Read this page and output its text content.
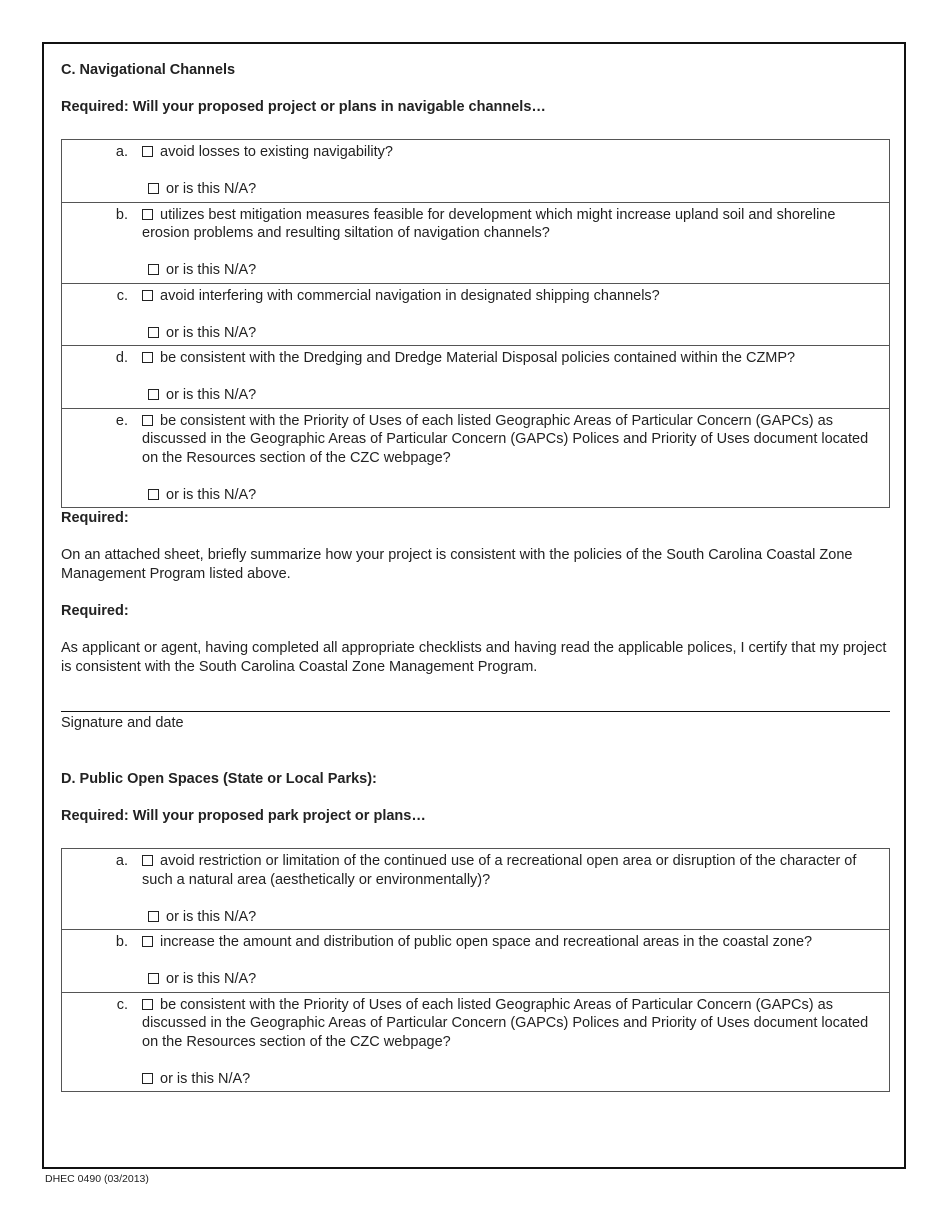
C. Navigational Channels
Required: Will your proposed project or plans in navigable channels…
a.	avoid losses to existing navigability?
or is this N/A?
b.	utilizes best mitigation measures feasible for development which might increase upland soil and shoreline erosion problems and resulting siltation of navigation channels?
or is this N/A?
c.	avoid interfering with commercial navigation in designated shipping channels?
or is this N/A?
d.	be consistent with the Dredging and Dredge Material Disposal policies contained within the CZMP?
or is this N/A?
e.	be consistent with the Priority of Uses of each listed Geographic Areas of Particular Concern (GAPCs) as discussed in the Geographic Areas of Particular Concern (GAPCs) Polices and Priority of Uses document located on the Resources section of the CZC webpage?
or is this N/A?
Required:
On an attached sheet, briefly summarize how your project is consistent with the policies of the South Carolina Coastal Zone Management Program listed above.
Required:
As applicant or agent, having completed all appropriate checklists and having read the applicable polices, I certify that my project is consistent with the South Carolina Coastal Zone Management Program.
Signature and date
D. Public Open Spaces (State or Local Parks):
Required: Will your proposed park project or plans…
a.	avoid restriction or limitation of the continued use of a recreational open area or disruption of the character of such a natural area (aesthetically or environmentally)?
or is this N/A?
b.	increase the amount and distribution of public open space and recreational areas in the coastal zone?
or is this N/A?
c.	be consistent with the Priority of Uses of each listed Geographic Areas of Particular Concern (GAPCs) as discussed in the Geographic Areas of Particular Concern (GAPCs) Polices and Priority of Uses document located on the Resources section of the CZC webpage?
or is this N/A?
DHEC 0490 (03/2013)
